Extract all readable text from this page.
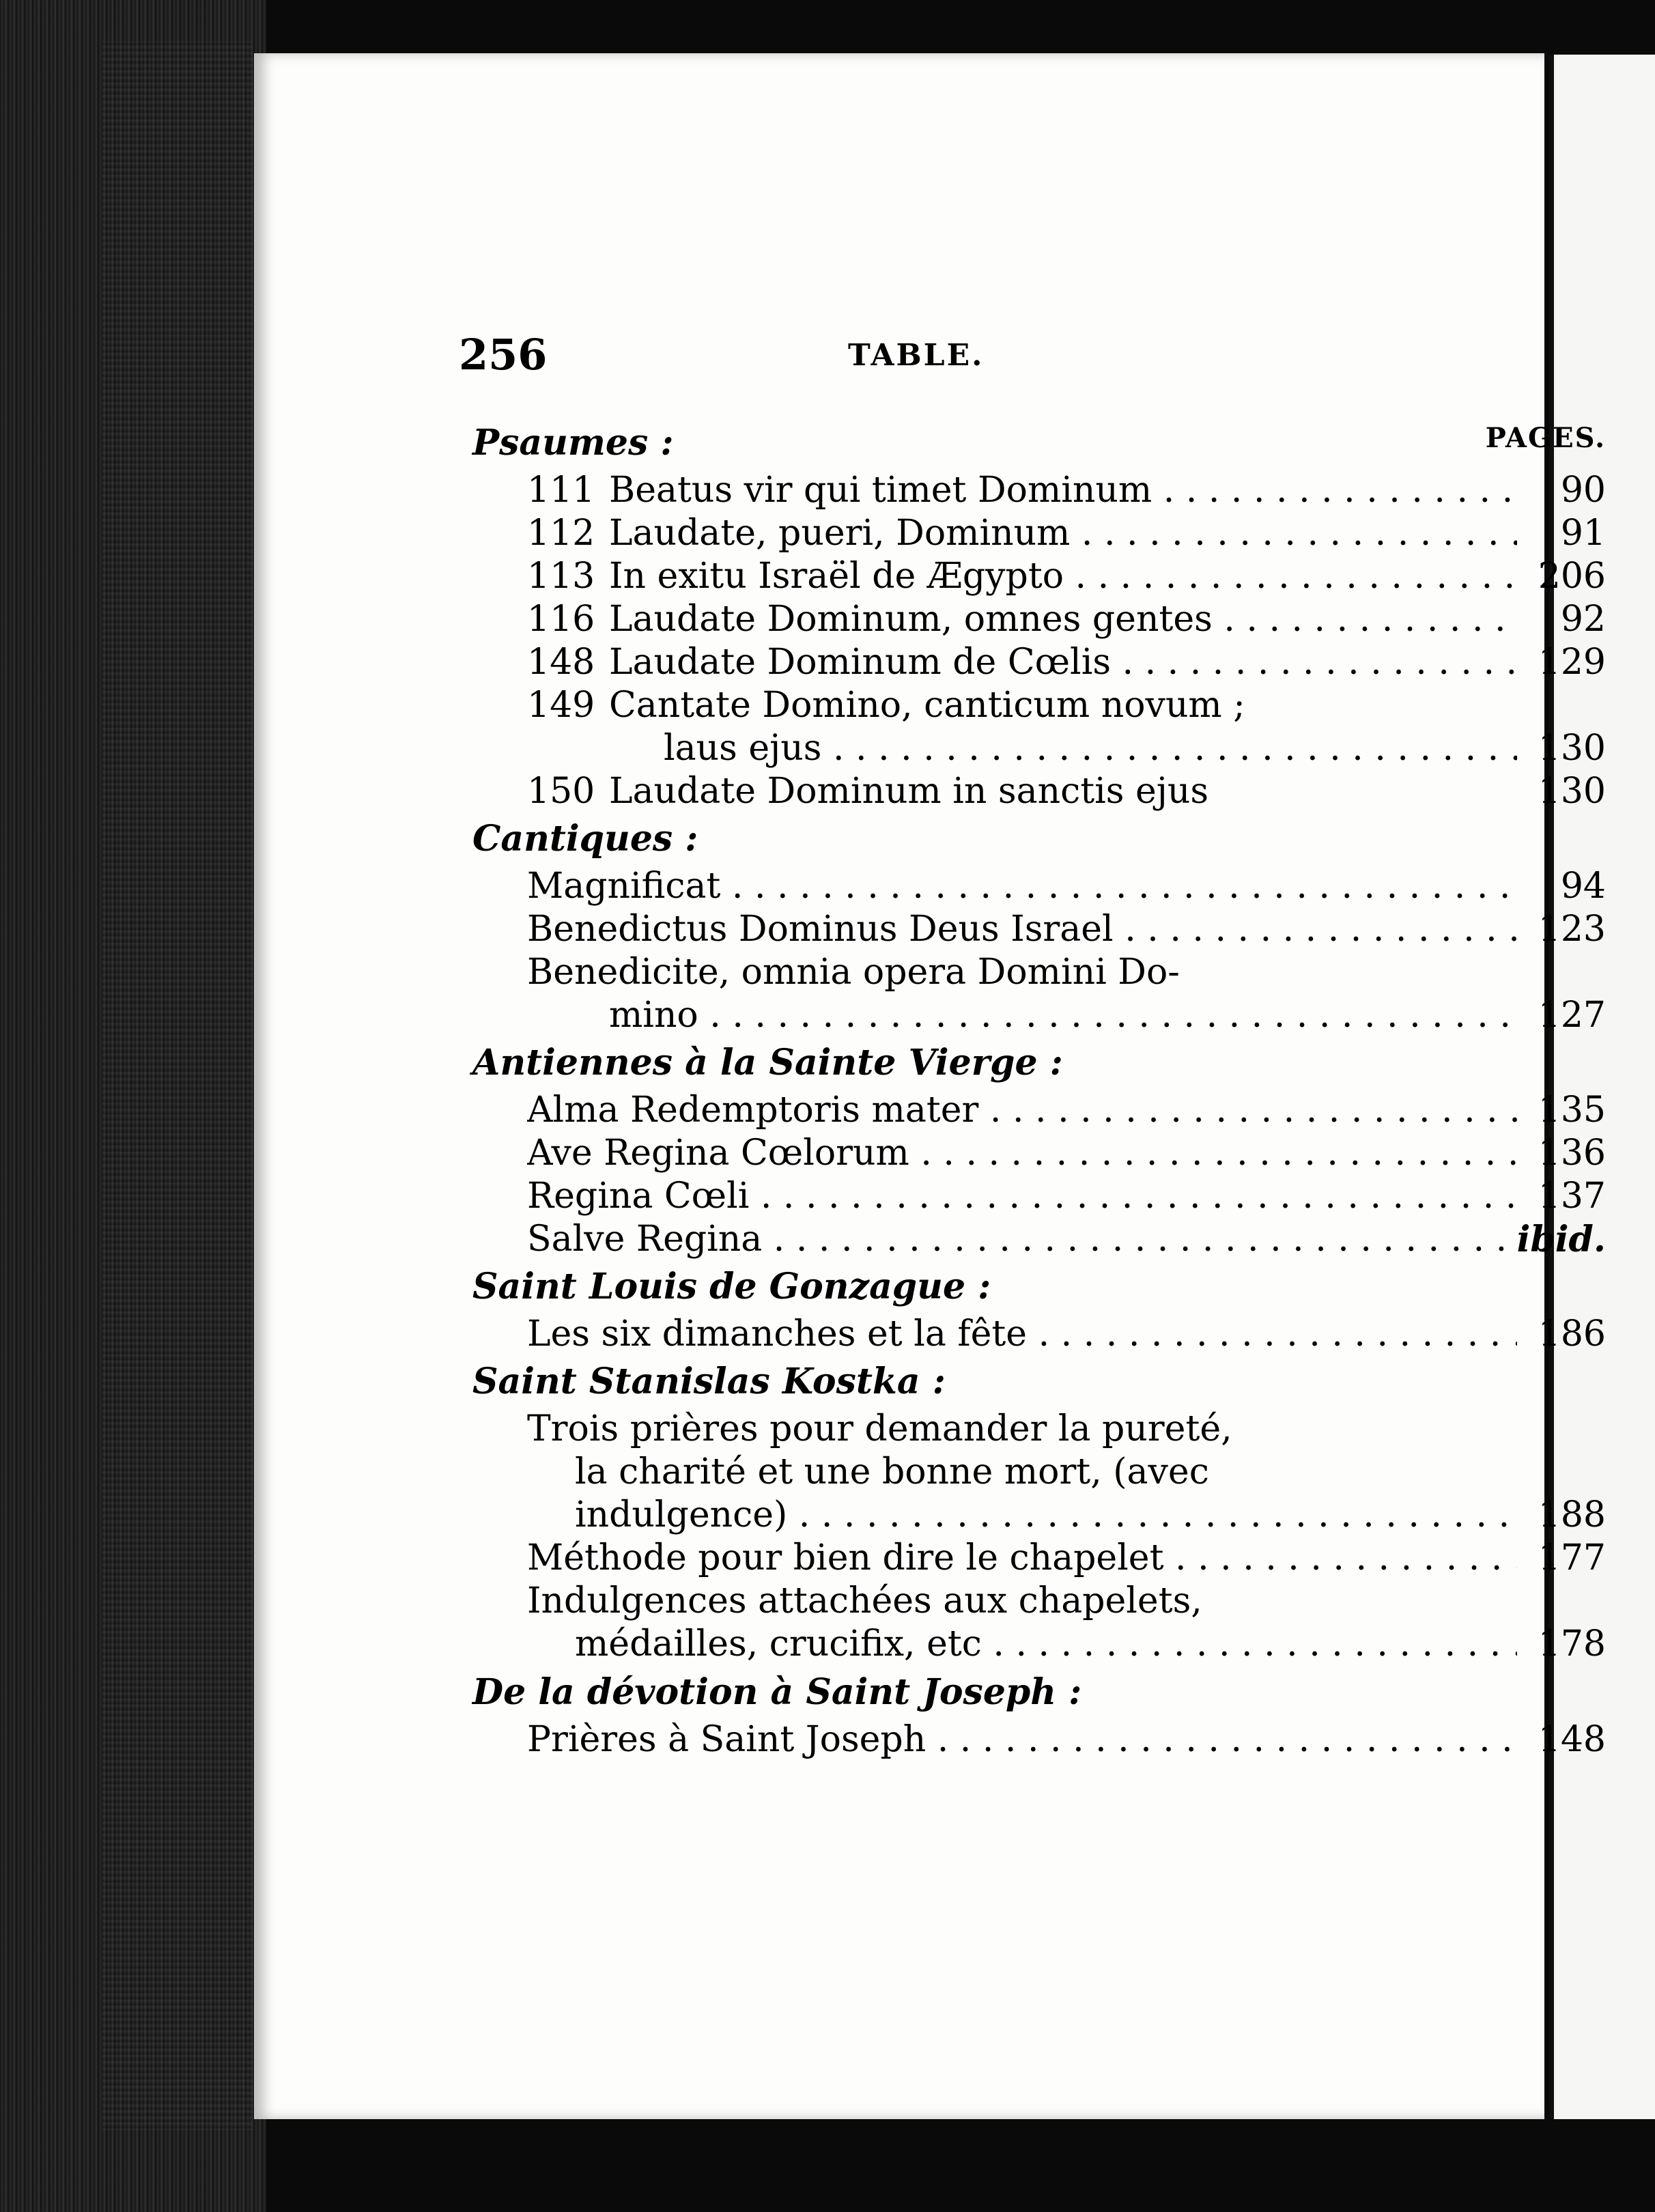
256	TABLE.
PAGES.
Psaumes :
111 Beatus vir qui timet Dominum . . .	90
112 Laudate, pueri, Dominum . . .	91
113 In exitu Israël de Ægypto . . .	206
116 Laudate Dominum, omnes gentes . . .	92
148 Laudate Dominum de Cœlis . . .	129
149 Cantate Domino, canticum novum ;
laus ejus . . .	130
150 Laudate Dominum in sanctis ejus	130
Cantiques :
Magnificat . . .	94
Benedictus Dominus Deus Israel . . .	123
Benedicite, omnia opera Domini Do-
mino . . .	127
Antiennes à la Sainte Vierge :
Alma Redemptoris mater . . .	135
Ave Regina Cœlorum . . .	136
Regina Cœli . . .	137
Salve Regina . . .	ibid.
Saint Louis de Gonzague :
Les six dimanches et la fête . . .	186
Saint Stanislas Kostka :
Trois prières pour demander la pureté,
la charité et une bonne mort, (avec
indulgence) . . .	188
Méthode pour bien dire le chapelet . . .	177
Indulgences attachées aux chapelets,
médailles, crucifix, etc . . .	178
De la dévotion à Saint Joseph :
Prières à Saint Joseph . . .	148
